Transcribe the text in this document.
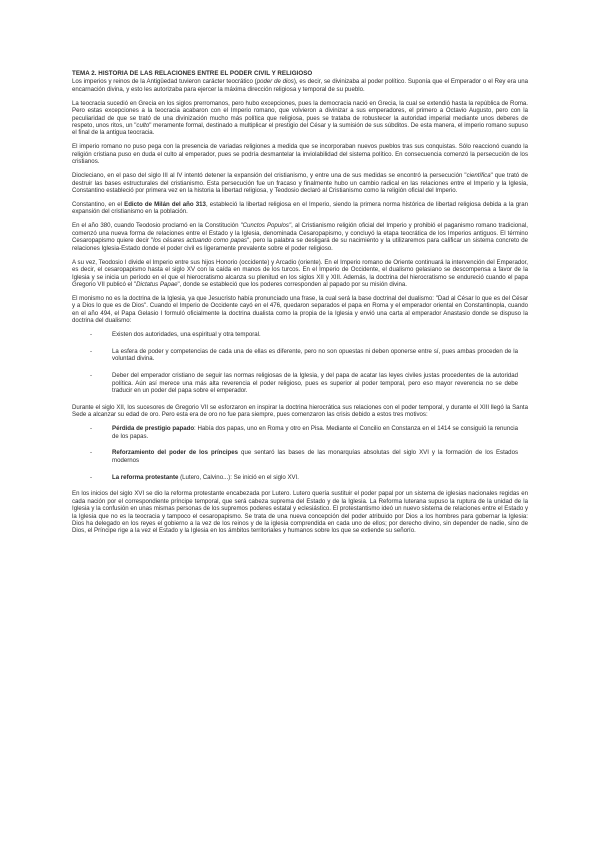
TEMA 2. HISTORIA DE LAS RELACIONES ENTRE EL PODER CIVIL Y RELIGIOSO

Los imperios y reinos de la Antigüedad tuvieron carácter teocrático (poder de dios), es decir, se divinizaba al poder político. Suponía que el Emperador o el Rey era una encarnación divina, y esto les autorizaba para ejercer la máxima dirección religiosa y temporal de su pueblo.

La teocracia sucedió en Grecia en los siglos prerromanos, pero hubo excepciones, pues la democracia nació en Grecia, la cual se extendió hasta la república de Roma. Pero estas excepciones a la teocracia acabaron con el Imperio romano, que volvieron a divinizar a sus emperadores, el primero a Octavio Augusto, pero con la peculiaridad de que se trató de una divinización mucho más política que religiosa, pues se trataba de robustecer la autoridad imperial mediante unos deberes de respeto, unos ritos, un "culto" meramente formal, destinado a multiplicar el prestigio del César y la sumisión de sus súbditos. De esta manera, el imperio romano supuso el final de la antigua teocracia.

El imperio romano no puso pega con la presencia de variadas religiones a medida que se incorporaban nuevos pueblos tras sus conquistas. Sólo reaccionó cuando la religión cristiana puso en duda el culto al emperador, pues se podría desmantelar la inviolabilidad del sistema político. En consecuencia comenzó la persecución de los cristianos.

Diocleciano, en el paso del siglo III al IV intentó detener la expansión del cristianismo, y entre una de sus medidas se encontró la persecución "científica" que trató de destruir las bases estructurales del cristianismo. Esta persecución fue un fracaso y finalmente hubo un cambio radical en las relaciones entre el Imperio y la Iglesia, Constantino estableció por primera vez en la historia la libertad religiosa, y Teodosio declaró al Cristianismo como la religión oficial del Imperio.

Constantino, en el Edicto de Milán del año 313, estableció la libertad religiosa en el Imperio, siendo la primera norma histórica de libertad religiosa debida a la gran expansión del cristianismo en la población.

En el año 380, cuando Teodosio proclamó en la Constitución "Cunctos Populos", al Cristianismo religión oficial del Imperio y prohibió el paganismo romano tradicional, comenzó una nueva forma de relaciones entre el Estado y la Iglesia, denominada Cesaropapismo, y concluyó la etapa teocrática de los Imperios antiguos. El término Cesaropapismo quiere decir "los césares actuando como papas", pero la palabra se desligará de su nacimiento y la utilizaremos para calificar un sistema concreto de relaciones Iglesia-Estado donde el poder civil es ligeramente prevalente sobre el poder religioso.

A su vez, Teodosio I divide el Imperio entre sus hijos Honorio (occidente) y Arcadio (oriente). En el Imperio romano de Oriente continuará la intervención del Emperador, es decir, el cesaropapismo hasta el siglo XV con la caída en manos de los turcos. En el Imperio de Occidente, el dualismo gelasiano se descompensa a favor de la Iglesia y se inicia un período en el que el hierocratismo alcanza su plenitud en los siglos XII y XIII. Además, la doctrina del hierocratismo se endureció cuando el papa Gregorio VII publicó el "Dictatus Papae", donde se estableció que los poderes corresponden al papado por su misión divina.

El monismo no es la doctrina de la Iglesia, ya que Jesucristo había pronunciado una frase, la cual será la base doctrinal del dualismo: "Dad al César lo que es del César y a Dios lo que es de Dios". Cuando el Imperio de Occidente cayó en el 476, quedaron separados el papa en Roma y el emperador oriental en Constantinopla, cuando en el año 494, el Papa Gelasio I formuló oficialmente la doctrina dualista como la propia de la Iglesia y envió una carta al emperador Anastasio donde se dispuso la doctrina del dualismo:

-	Existen dos autoridades, una espiritual y otra temporal.
-	La esfera de poder y competencias de cada una de ellas es diferente, pero no son opuestas ni deben oponerse entre sí, pues ambas proceden de la voluntad divina.
-	Deber del emperador cristiano de seguir las normas religiosas de la Iglesia, y del papa de acatar las leyes civiles justas procedentes de la autoridad política. Aún así merece una más alta reverencia el poder religioso, pues es superior al poder temporal, pero eso mayor reverencia no se debe traducir en un poder del papa sobre el emperador.

Durante el siglo XII, los sucesores de Gregorio VII se esforzaron en inspirar la doctrina hierocrática sus relaciones con el poder temporal, y durante el XIII llegó la Santa Sede a alcanzar su edad de oro. Pero esta era de oro no fue para siempre, pues comenzaron las crisis debido a estos tres motivos:

-	Pérdida de prestigio papado: Había dos papas, uno en Roma y otro en Pisa. Mediante el Concilio en Constanza en el 1414 se consiguió la renuncia de los papas.
-	Reforzamiento del poder de los príncipes que sentaró las bases de las monarquías absolutas del siglo XVI y la formación de los Estados modernos
-	La reforma protestante (Lutero, Calvino...): Se inició en el siglo XVI.

En los inicios del siglo XVI se dio la reforma protestante encabezada por Lutero. Lutero quería sustituir el poder papal por un sistema de iglesias nacionales regidas en cada nación por el correspondiente príncipe temporal, que será cabeza suprema del Estado y de la Iglesia. La Reforma luterana supuso la ruptura de la unidad de la Iglesia y la confusión en unas mismas personas de los supremos poderes estatal y eclesiástico. El protestantismo ideó un nuevo sistema de relaciones entre el Estado y la Iglesia que no es la teocracia y tampoco el cesaropapismo. Se trata de una nueva concepción del poder atribuido por Dios a los hombres para gobernar la Iglesia: Dios ha delegado en los reyes el gobierno a la vez de los reinos y de la iglesia comprendida en cada uno de ellos; por derecho divino, sin depender de nadie, sino de Dios, el Príncipe rige a la vez el Estado y la Iglesia en los ámbitos territoriales y humanos sobre los que se extiende su señorío.
